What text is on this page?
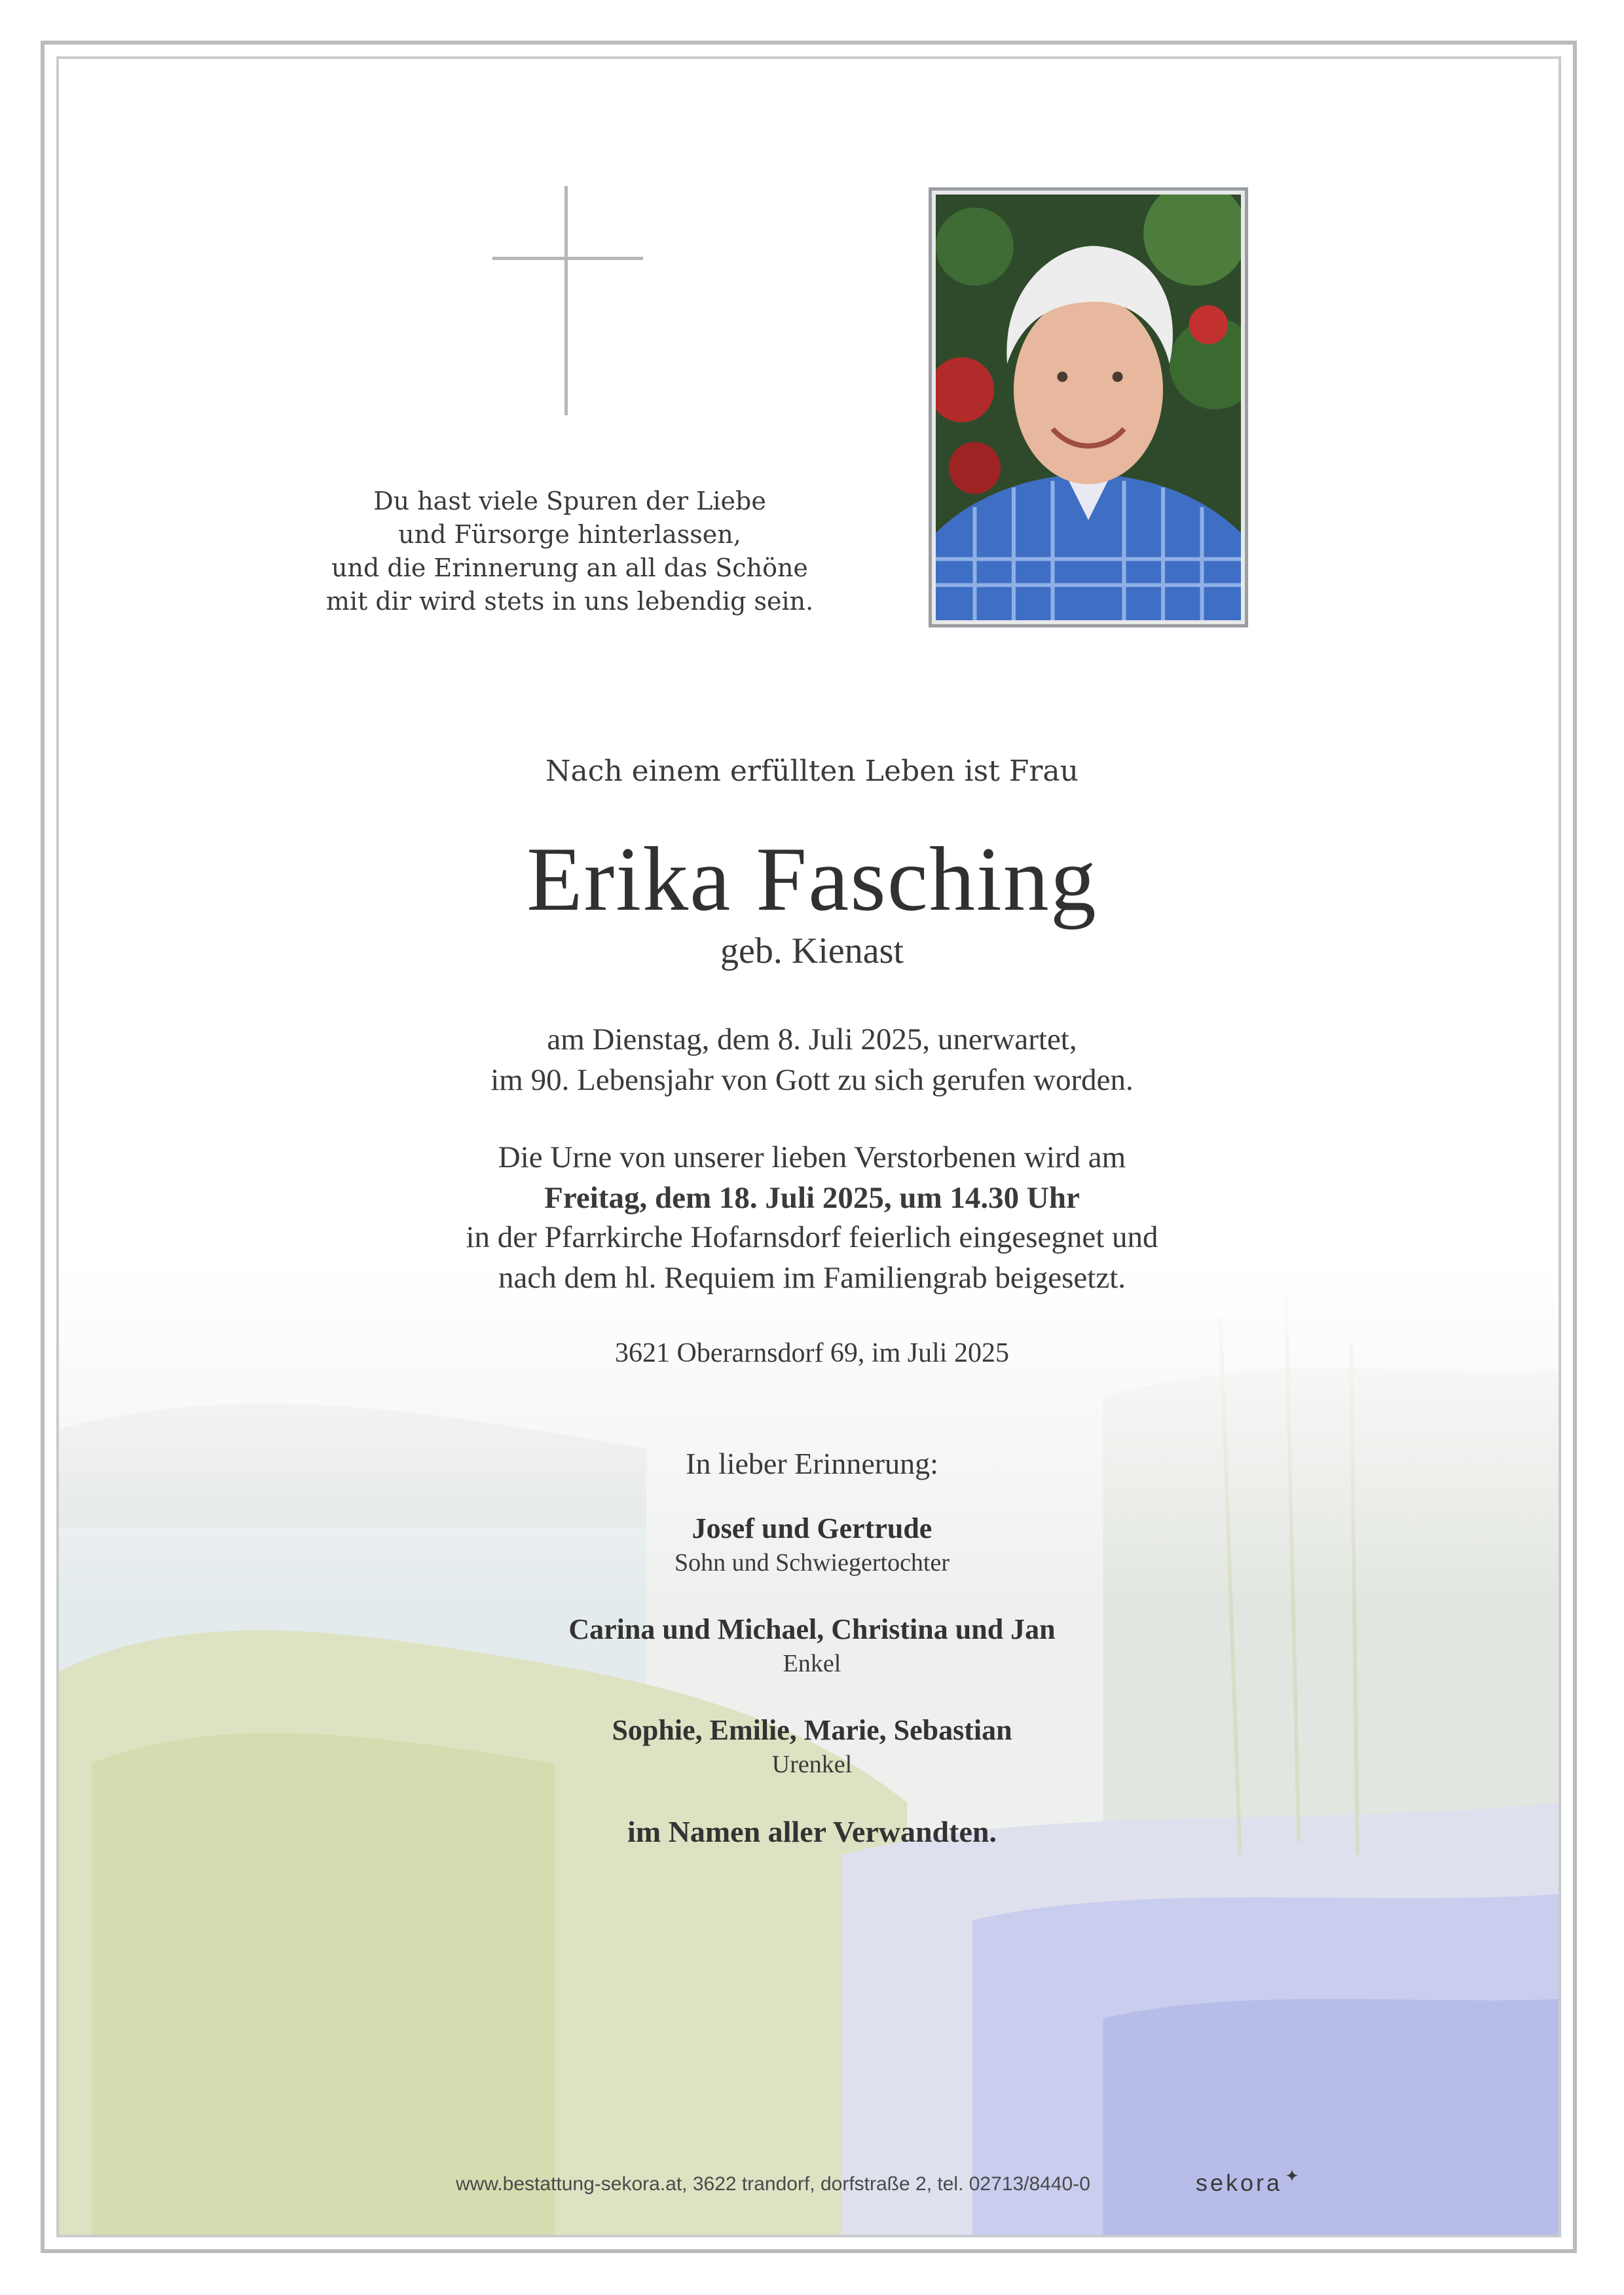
Du hast viele Spuren der Liebe
und Fürsorge hinterlassen,
und die Erinnerung an all das Schöne
mit dir wird stets in uns lebendig sein.
Nach einem erfüllten Leben ist Frau
Erika Fasching
geb. Kienast
am Dienstag, dem 8. Juli 2025, unerwartet,
im 90. Lebensjahr von Gott zu sich gerufen worden.
Die Urne von unserer lieben Verstorbenen wird am
Freitag, dem 18. Juli 2025, um 14.30 Uhr
in der Pfarrkirche Hofarnsdorf feierlich eingesegnet und
nach dem hl. Requiem im Familiengrab beigesetzt.
3621 Oberarnsdorf 69, im Juli 2025
In lieber Erinnerung:
Josef und Gertrude
Sohn und Schwiegertochter
Carina und Michael, Christina und Jan
Enkel
Sophie, Emilie, Marie, Sebastian
Urenkel
im Namen aller Verwandten.
www.bestattung-sekora.at, 3622 trandorf, dorfstraße 2, tel. 02713/8440-0	sekora ✦
